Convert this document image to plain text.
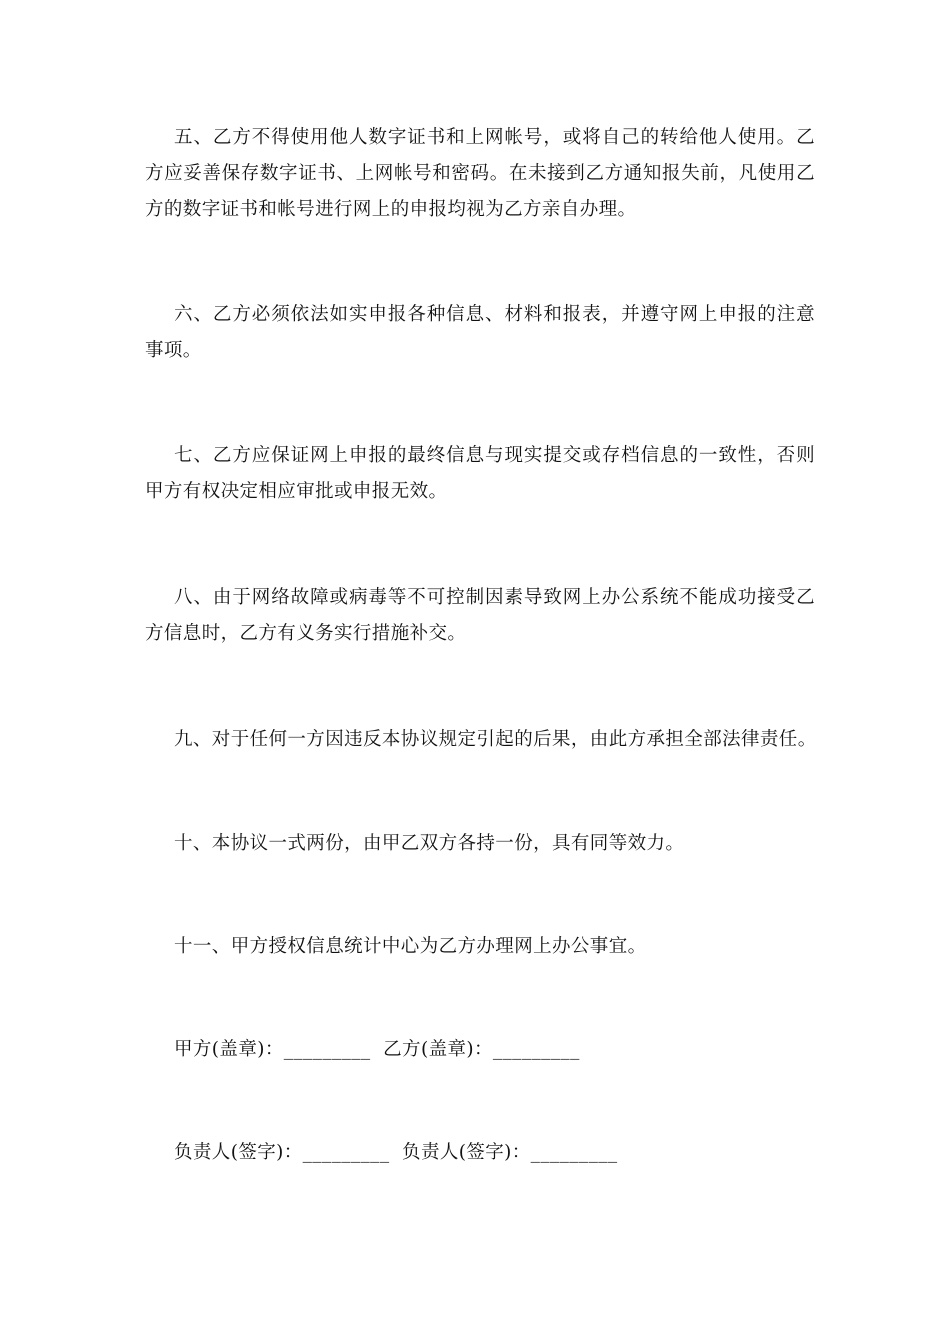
五、乙方不得使用他人数字证书和上网帐号，或将自己的转给他人使用。乙方应妥善保存数字证书、上网帐号和密码。在未接到乙方通知报失前，凡使用乙方的数字证书和帐号进行网上的申报均视为乙方亲自办理。

六、乙方必须依法如实申报各种信息、材料和报表，并遵守网上申报的注意事项。

七、乙方应保证网上申报的最终信息与现实提交或存档信息的一致性，否则甲方有权决定相应审批或申报无效。

八、由于网络故障或病毒等不可控制因素导致网上办公系统不能成功接受乙方信息时，乙方有义务实行措施补交。

九、对于任何一方因违反本协议规定引起的后果，由此方承担全部法律责任。

十、本协议一式两份，由甲乙双方各持一份，具有同等效力。

十一、甲方授权信息统计中心为乙方办理网上办公事宜。

甲方(盖章)：_________  乙方(盖章)：_________

负责人(签字)：_________  负责人(签字)：_________
